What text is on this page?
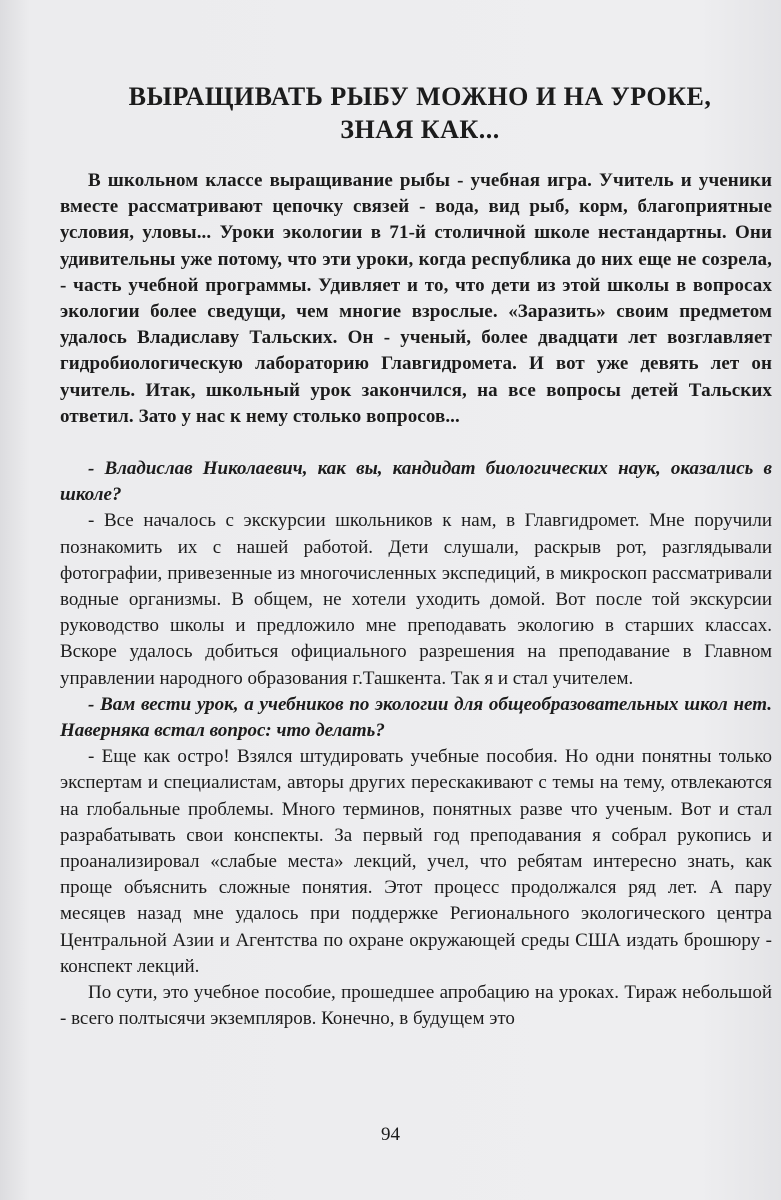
ВЫРАЩИВАТЬ РЫБУ МОЖНО И НА УРОКЕ,
ЗНАЯ КАК...

В школьном классе выращивание рыбы - учебная игра. Учитель и ученики вместе рассматривают цепочку связей - вода, вид рыб, корм, благоприятные условия, уловы... Уроки экологии в 71-й столичной школе нестандартны. Они удивительны уже потому, что эти уроки, когда республика до них еще не созрела, - часть учебной программы. Удивляет и то, что дети из этой школы в вопросах экологии более сведущи, чем многие взрослые. «Заразить» своим предметом удалось Владиславу Тальских. Он - ученый, более двадцати лет возглавляет гидробиологическую лабораторию Главгидромета. И вот уже девять лет он учитель. Итак, школьный урок закончился, на все вопросы детей Тальских ответил. Зато у нас к нему столько вопросов...

- Владислав Николаевич, как вы, кандидат биологических наук, оказались в школе?

- Все началось с экскурсии школьников к нам, в Главгидромет. Мне поручили познакомить их с нашей работой. Дети слушали, раскрыв рот, разглядывали фотографии, привезенные из многочисленных экспедиций, в микроскоп рассматривали водные организмы. В общем, не хотели уходить домой. Вот после той экскурсии руководство школы и предложило мне преподавать экологию в старших классах. Вскоре удалось добиться официального разрешения на преподавание в Главном управлении народного образования г.Ташкента. Так я и стал учителем.

- Вам вести урок, а учебников по экологии для общеобразовательных школ нет. Наверняка встал вопрос: что делать?

- Еще как остро! Взялся штудировать учебные пособия. Но одни понятны только экспертам и специалистам, авторы других перескакивают с темы на тему, отвлекаются на глобальные проблемы. Много терминов, понятных разве что ученым. Вот и стал разрабатывать свои конспекты. За первый год преподавания я собрал рукопись и проанализировал «слабые места» лекций, учел, что ребятам интересно знать, как проще объяснить сложные понятия. Этот процесс продолжался ряд лет. А пару месяцев назад мне удалось при поддержке Регионального экологического центра Центральной Азии и Агентства по охране окружающей среды США издать брошюру - конспект лекций.

По сути, это учебное пособие, прошедшее апробацию на уроках. Тираж небольшой - всего полтысячи экземпляров. Конечно, в будущем это

94
